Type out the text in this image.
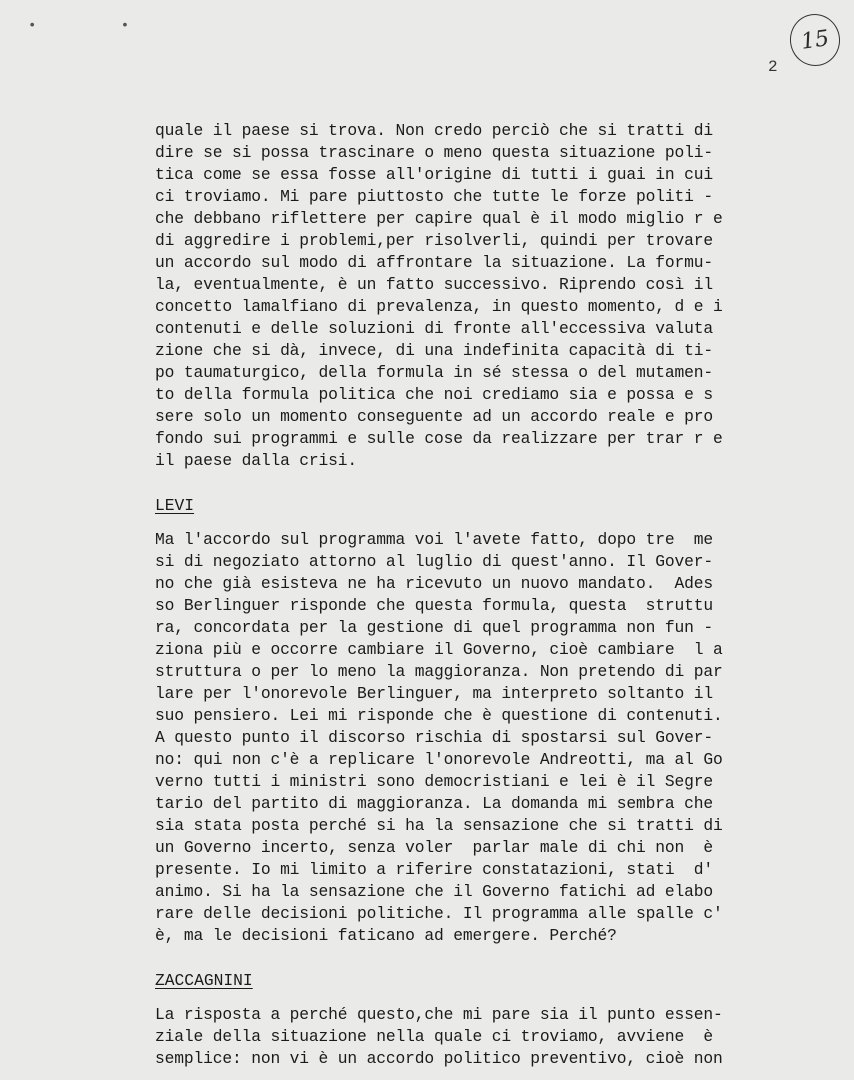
• •	15
2
quale il paese si trova. Non credo perciò che si tratti di
dire se si possa trascinare o meno questa situazione poli-
tica come se essa fosse all'origine di tutti i guai in cui
ci troviamo. Mi pare piuttosto che tutte le forze politi -
che debbano riflettere per capire qual è il modo miglio r e
di aggredire i problemi,per risolverli, quindi per trovare
un accordo sul modo di affrontare la situazione. La formu-
la, eventualmente, è un fatto successivo. Riprendo così il
concetto lamalfiano di prevalenza, in questo momento, d e i
contenuti e delle soluzioni di fronte all'eccessiva valuta
zione che si dà, invece, di una indefinita capacità di ti-
po taumaturgico, della formula in sé stessa o del mutamen-
to della formula politica che noi crediamo sia e possa e s
sere solo un momento conseguente ad un accordo reale e pro
fondo sui programmi e sulle cose da realizzare per trar r e
il paese dalla crisi.
LEVI
Ma l'accordo sul programma voi l'avete fatto, dopo tre  me
si di negoziato attorno al luglio di quest'anno. Il Gover-
no che già esisteva ne ha ricevuto un nuovo mandato.  Ades
so Berlinguer risponde che questa formula, questa  struttu
ra, concordata per la gestione di quel programma non fun -
ziona più e occorre cambiare il Governo, cioè cambiare  l a
struttura o per lo meno la maggioranza. Non pretendo di par
lare per l'onorevole Berlinguer, ma interpreto soltanto il
suo pensiero. Lei mi risponde che è questione di contenuti.
A questo punto il discorso rischia di spostarsi sul Gover-
no: qui non c'è a replicare l'onorevole Andreotti, ma al Go
verno tutti i ministri sono democristiani e lei è il Segre
tario del partito di maggioranza. La domanda mi sembra che
sia stata posta perché si ha la sensazione che si tratti di
un Governo incerto, senza voler  parlar male di chi non  è
presente. Io mi limito a riferire constatazioni, stati  d'
animo. Si ha la sensazione che il Governo fatichi ad elabo
rare delle decisioni politiche. Il programma alle spalle c'
è, ma le decisioni faticano ad emergere. Perché?
ZACCAGNINI
La risposta a perché questo,che mi pare sia il punto essen-
ziale della situazione nella quale ci troviamo, avviene  è
semplice: non vi è un accordo politico preventivo, cioè non
